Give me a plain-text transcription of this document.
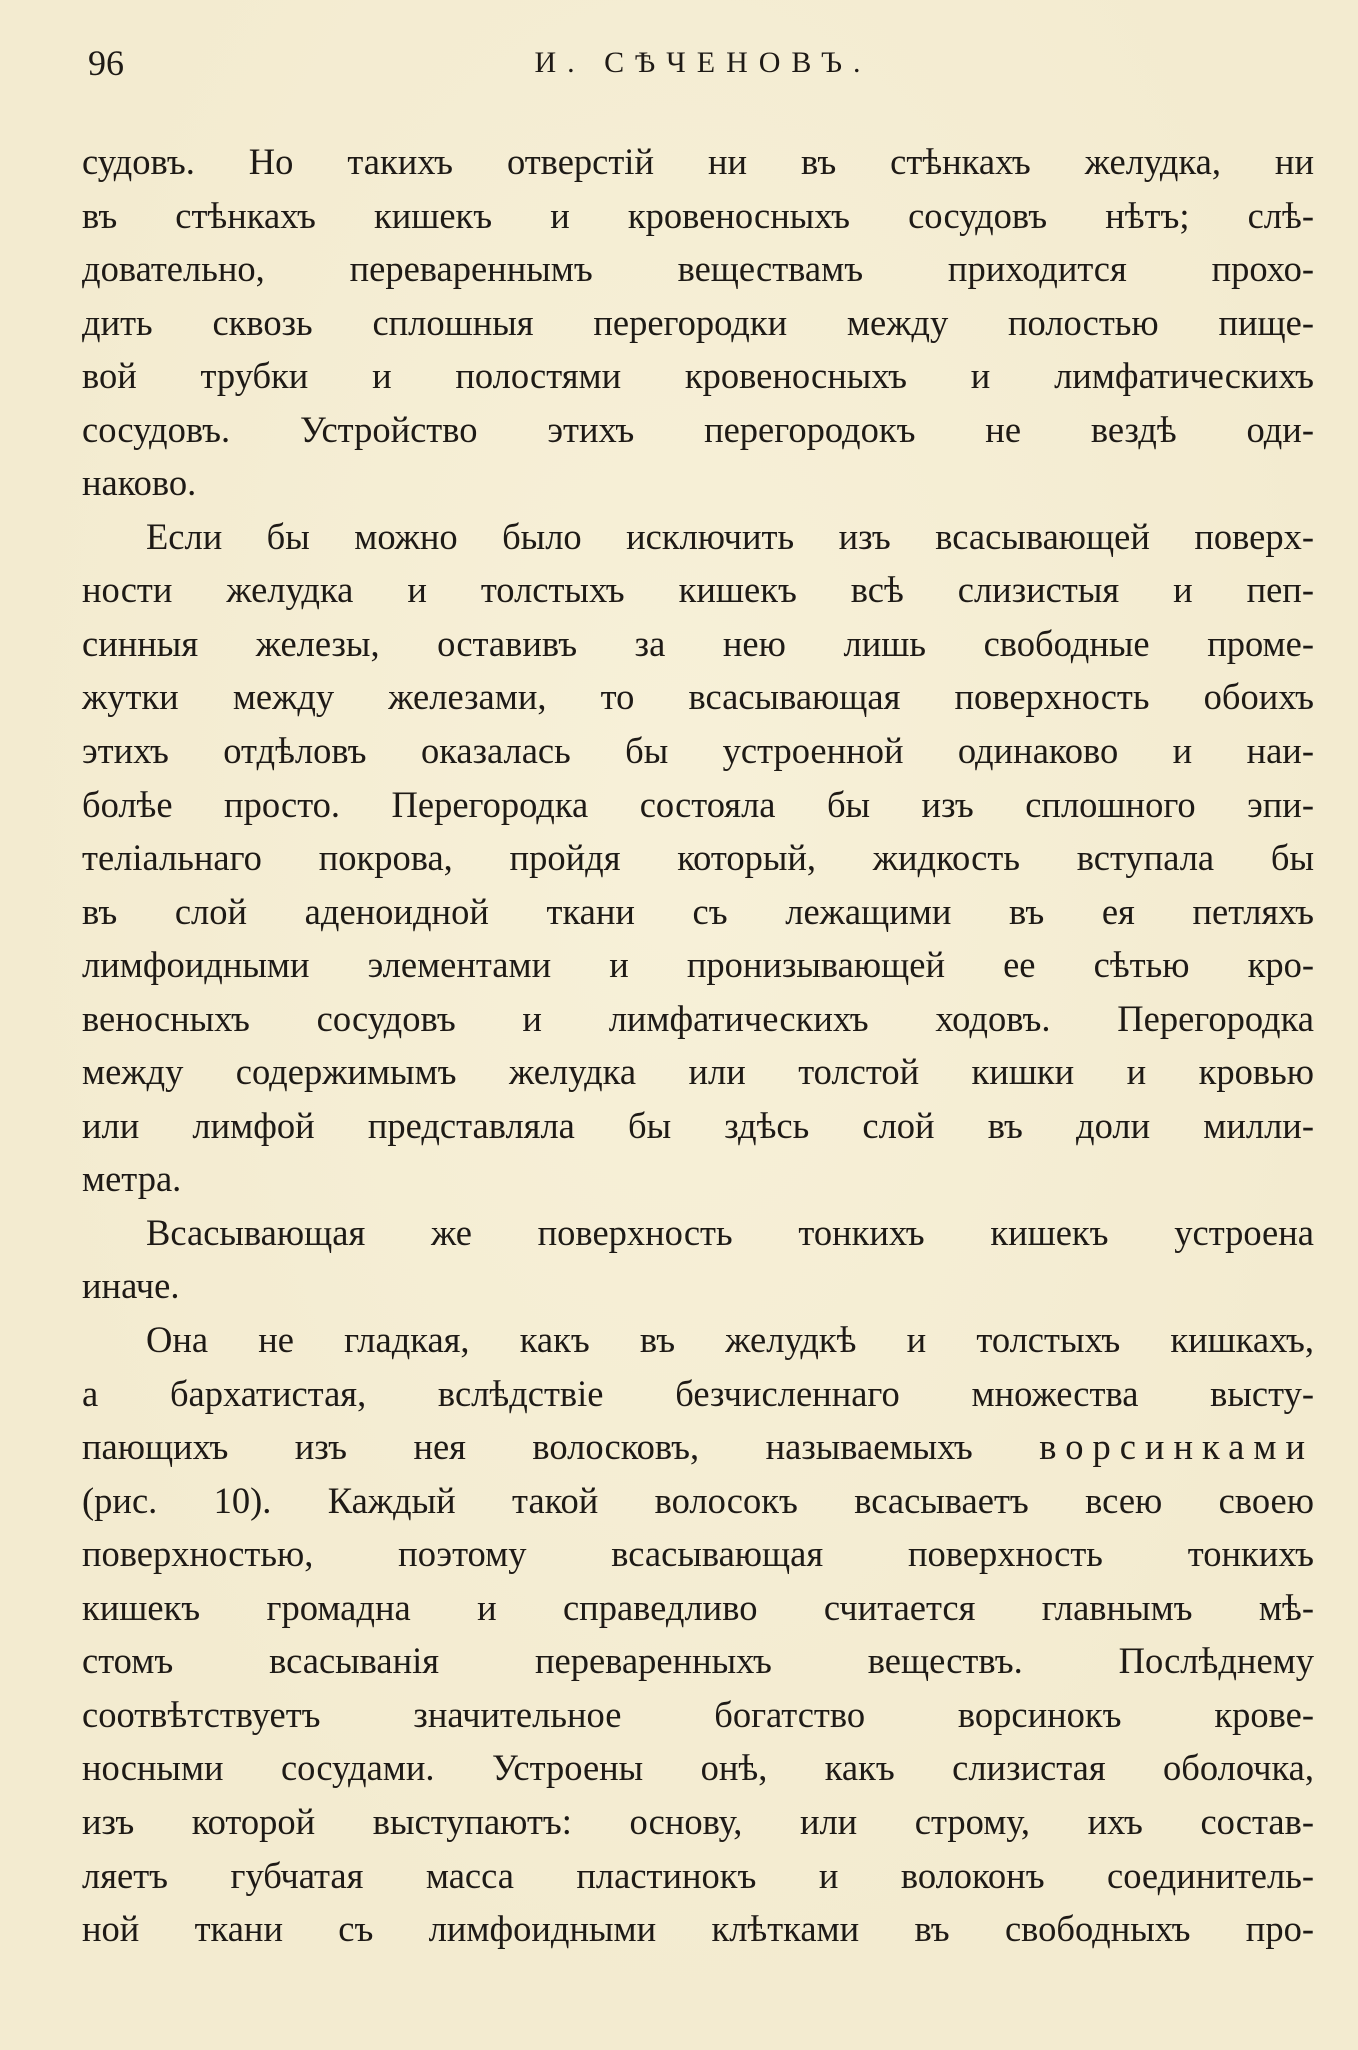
96	И. СѢЧЕНОВЪ.
судовъ. Но такихъ отверстій ни въ стѣнкахъ желудка, ни
въ стѣнкахъ кишекъ и кровеносныхъ сосудовъ нѣтъ; слѣ-
довательно, перевареннымъ веществамъ приходится прохо-
дить сквозь сплошныя перегородки между полостью пище-
вой трубки и полостями кровеносныхъ и лимфатическихъ
сосудовъ. Устройство этихъ перегородокъ не вездѣ оди-
наково.
Если бы можно было исключить изъ всасывающей поверх-
ности желудка и толстыхъ кишекъ всѣ слизистыя и пеп-
синныя железы, оставивъ за нею лишь свободные проме-
жутки между железами, то всасывающая поверхность обоихъ
этихъ отдѣловъ оказалась бы устроенной одинаково и наи-
болѣе просто. Перегородка состояла бы изъ сплошного эпи-
теліальнаго покрова, пройдя который, жидкость вступала бы
въ слой аденоидной ткани съ лежащими въ ея петляхъ
лимфоидными элементами и пронизывающей ее сѣтью кро-
веносныхъ сосудовъ и лимфатическихъ ходовъ. Перегородка
между содержимымъ желудка или толстой кишки и кровью
или лимфой представляла бы здѣсь слой въ доли милли-
метра.
Всасывающая же поверхность тонкихъ кишекъ устроена
иначе.
Она не гладкая, какъ въ желудкѣ и толстыхъ кишкахъ,
а бархатистая, вслѣдствіе безчисленнаго множества высту-
пающихъ изъ нея волосковъ, называемыхъ ворсинками
(рис. 10). Каждый такой волосокъ всасываетъ всею своею
поверхностью, поэтому всасывающая поверхность тонкихъ
кишекъ громадна и справедливо считается главнымъ мѣ-
стомъ всасыванія переваренныхъ веществъ. Послѣднему
соотвѣтствуетъ значительное богатство ворсинокъ крове-
носными сосудами. Устроены онѣ, какъ слизистая оболочка,
изъ которой выступаютъ: основу, или строму, ихъ состав-
ляетъ губчатая масса пластинокъ и волоконъ соединитель-
ной ткани съ лимфоидными клѣтками въ свободныхъ про-
